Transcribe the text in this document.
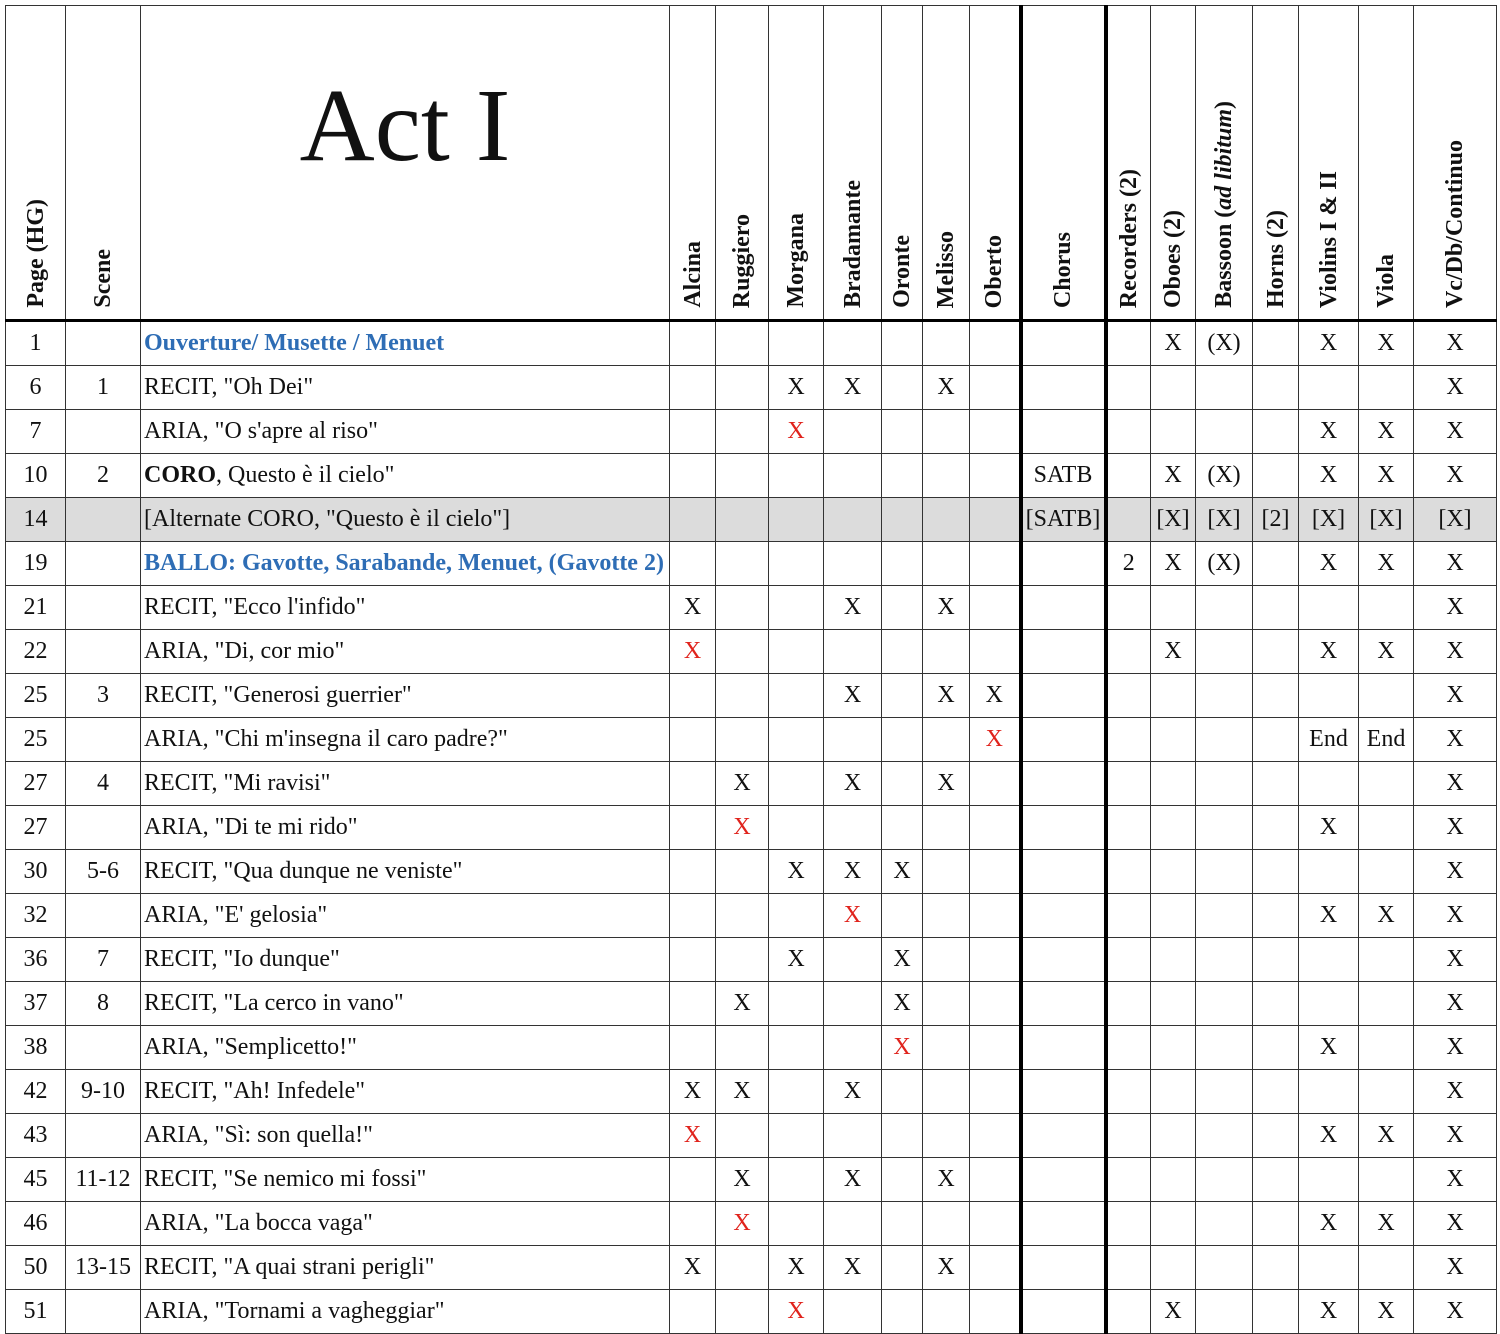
Page (HG)	Scene	Act I	Alcina	Ruggiero	Morgana	Bradamante	Oronte	Melisso	Oberto	Chorus	Recorders (2)	Oboes (2)	Bassoon (ad libitum)	Horns (2)	Violins I & II	Viola	Vc/Db/Continuo
1		Ouverture/ Musette / Menuet										X	(X)		X	X	X
6	1	RECIT, "Oh Dei"			X	X		X									X
7		ARIA, "O s'apre al riso"			X										X	X	X
10	2	CORO, Questo è il cielo"								SATB		X	(X)		X	X	X
14		[Alternate CORO, "Questo è il cielo"]								[SATB]		[X]	[X]	[2]	[X]	[X]	[X]
19		BALLO: Gavotte, Sarabande, Menuet, (Gavotte 2)									2	X	(X)		X	X	X
21		RECIT, "Ecco l'infido"	X			X		X									X
22		ARIA, "Di, cor mio"	X									X			X	X	X
25	3	RECIT, "Generosi guerrier"				X		X	X								X
25		ARIA, "Chi m'insegna il caro padre?"							X						End	End	X
27	4	RECIT, "Mi ravisi"		X		X		X									X
27		ARIA, "Di te mi rido"		X											X		X
30	5-6	RECIT, "Qua dunque ne veniste"			X	X	X										X
32		ARIA, "E' gelosia"				X									X	X	X
36	7	RECIT, "Io dunque"			X		X										X
37	8	RECIT, "La cerco in vano"		X			X										X
38		ARIA, "Semplicetto!"					X								X		X
42	9-10	RECIT, "Ah! Infedele"	X	X		X											X
43		ARIA, "Sì: son quella!"	X												X	X	X
45	11-12	RECIT, "Se nemico mi fossi"		X		X		X									X
46		ARIA, "La bocca vaga"		X											X	X	X
50	13-15	RECIT, "A quai strani perigli"	X		X	X		X									X
51		ARIA, "Tornami a vagheggiar"			X							X			X	X	X
